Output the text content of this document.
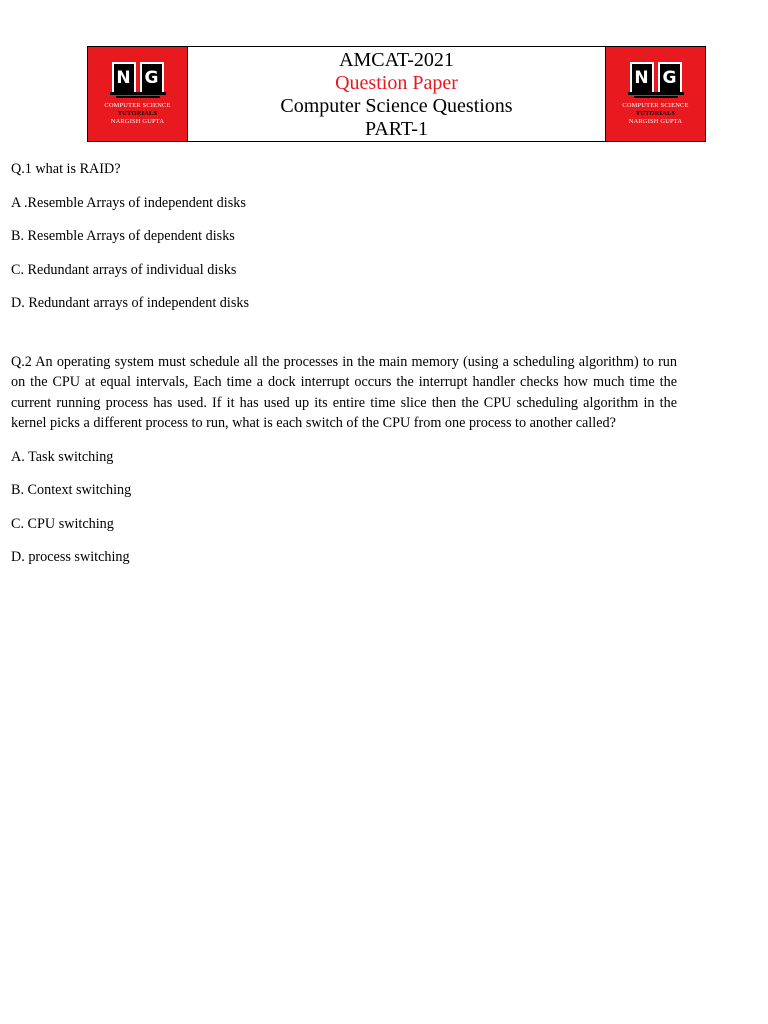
N G
COMPUTER SCIENCE
TUTORIALS
NARGISH GUPTA
AMCAT-2021
Question Paper
Computer Science Questions
PART-1
N G
COMPUTER SCIENCE
TUTORIALS
NARGISH GUPTA
Q.1 what is RAID?
A .Resemble Arrays of independent disks
B. Resemble Arrays of dependent disks
C. Redundant arrays of individual disks
D. Redundant arrays of independent disks
Q.2 An operating system must schedule all the processes in the main memory (using a scheduling algorithm) to run on the CPU at equal intervals, Each time a dock interrupt occurs the interrupt handler checks how much time the current running process has used. If it has used up its entire time slice then the CPU scheduling algorithm in the kernel picks a different process to run, what is each switch of the CPU from one process to another called?
A. Task switching
B. Context switching
C. CPU switching
D. process switching
